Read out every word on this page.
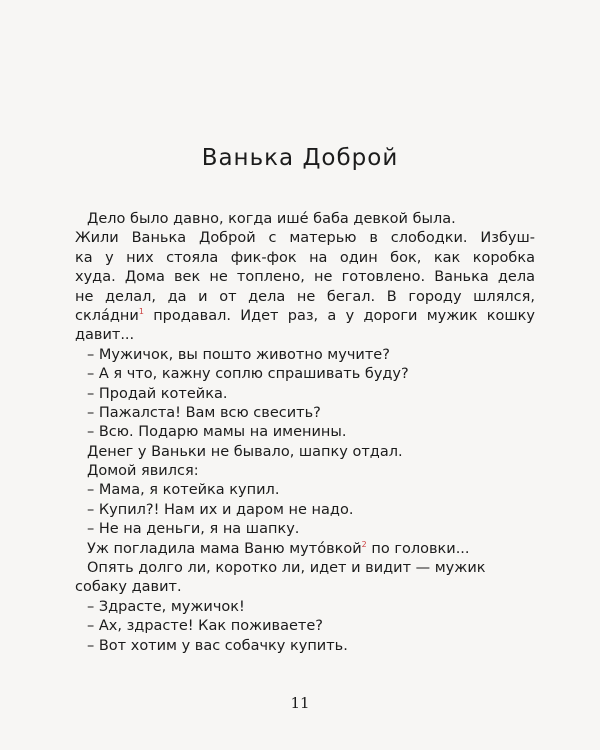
Ванька Доброй
Дело было давно, когда ишé баба девкой была.
Жили Ванька Доброй с матерью в слободки. Избуш-
ка у них стояла фик-фок на один бок, как коробка
худа. Дома век не топлено, не готовлено. Ванька дела
не делал, да и от дела не бегал. В городу шлялся,
склáдни$^1$ продавал. Идет раз, а у дороги мужик кошку
давит...
– Мужичок, вы пошто животно мучите?
– А я что, кажну соплю спрашивать буду?
– Продай котейка.
– Пажалста! Вам всю свесить?
– Всю. Подарю мамы на именины.
Денег у Ваньки не бывало, шапку отдал.
Домой явился:
– Мама, я котейка купил.
– Купил?! Нам их и даром не надо.
– Не на деньги, я на шапку.
Уж погладила мама Ваню мутóвкой$^2$ по головки...
Опять долго ли, коротко ли, идет и видит — мужик
собаку давит.
– Здрасте, мужичок!
– Ах, здрасте! Как поживаете?
– Вот хотим у вас собачку купить.
11
